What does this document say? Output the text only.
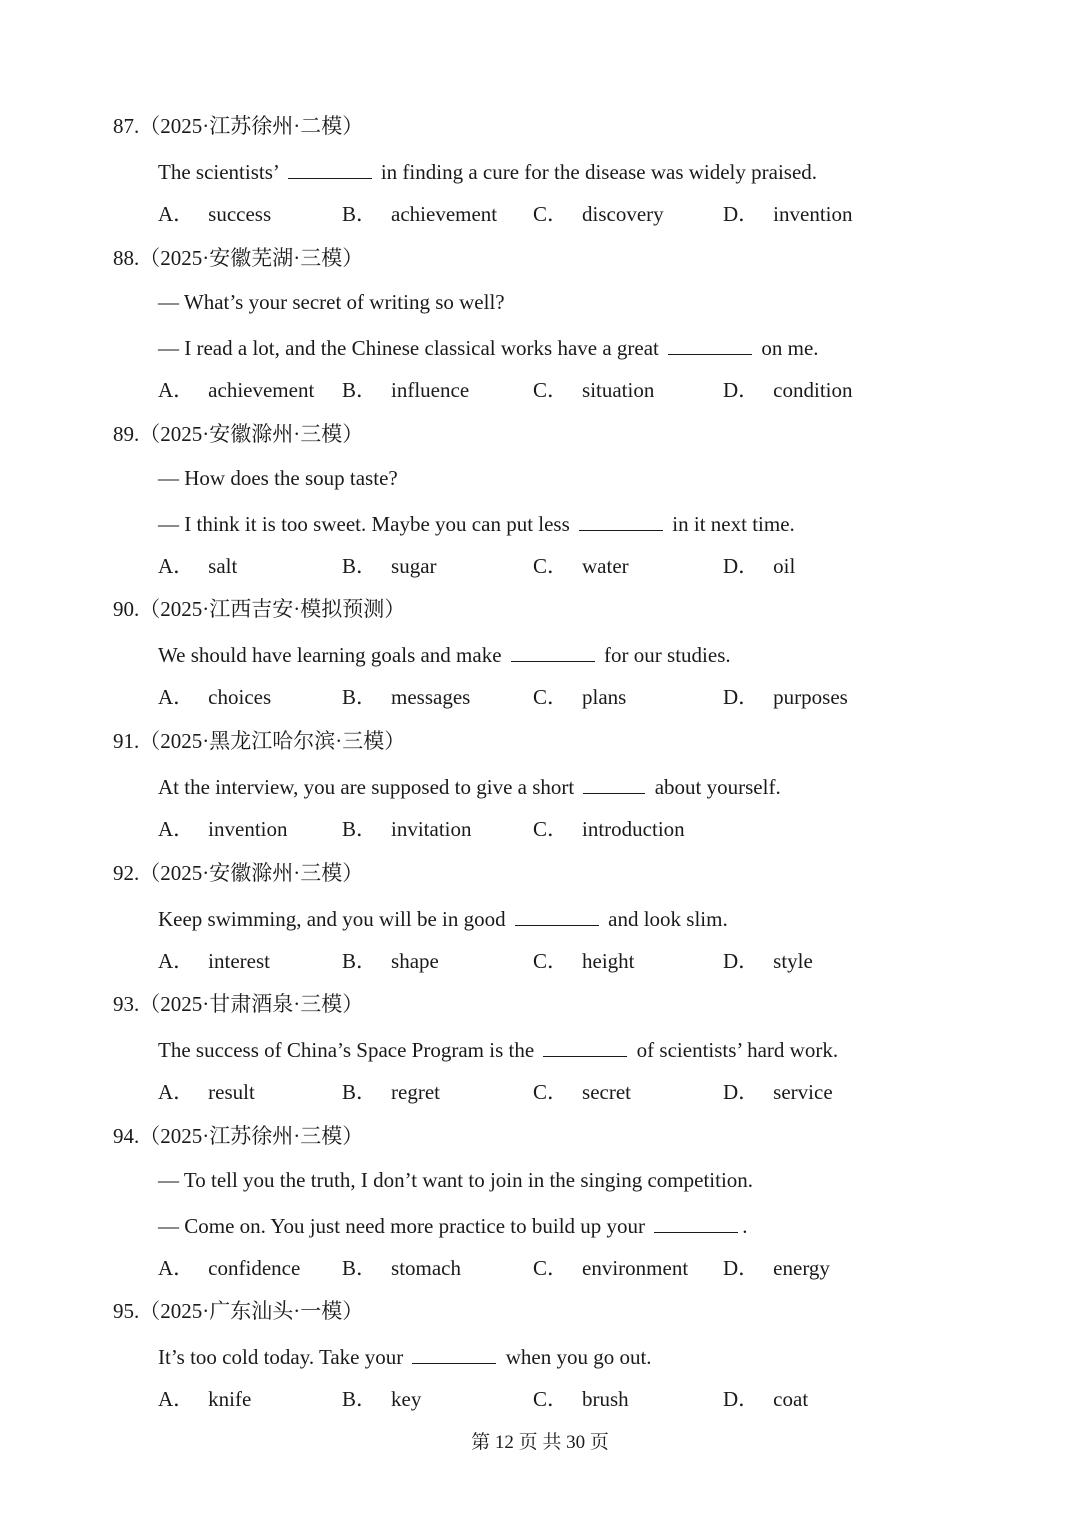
87.（2025·江苏徐州·二模）
The scientists’	in finding a cure for the disease was widely praised.
A． success	B． achievement C． discovery	D． invention
88.（2025·安徽芜湖·三模）
— What’s your secret of writing so well?
— I read a lot, and the Chinese classical works have a great	on me.
A． achievement B． influence	C． situation	D． condition
89.（2025·安徽滁州·三模）
— How does the soup taste?
— I think it is too sweet. Maybe you can put less	in it next time.
A． salt	B． sugar	C． water	D． oil
90.（2025·江西吉安·模拟预测）
We should have learning goals and make	for our studies.
A． choices	B． messages	C． plans	D． purposes
91.（2025·黑龙江哈尔滨·三模）
At the interview, you are supposed to give a short	about yourself.
A． invention	B． invitation	C． introduction
92.（2025·安徽滁州·三模）
Keep swimming, and you will be in good	and look slim.
A． interest	B． shape	C． height	D． style
93.（2025·甘肃酒泉·三模）
The success of China’s Space Program is the	of scientists’ hard work.
A． result	B． regret	C． secret	D． service
94.（2025·江苏徐州·三模）
— To tell you the truth, I don’t want to join in the singing competition.
— Come on. You just need more practice to build up your	.
A． confidence B． stomach	C． environment D． energy
95.（2025·广东汕头·一模）
It’s too cold today. Take your	when you go out.
A． knife	B． key	C． brush	D． coat
第 12 页 共 30 页
